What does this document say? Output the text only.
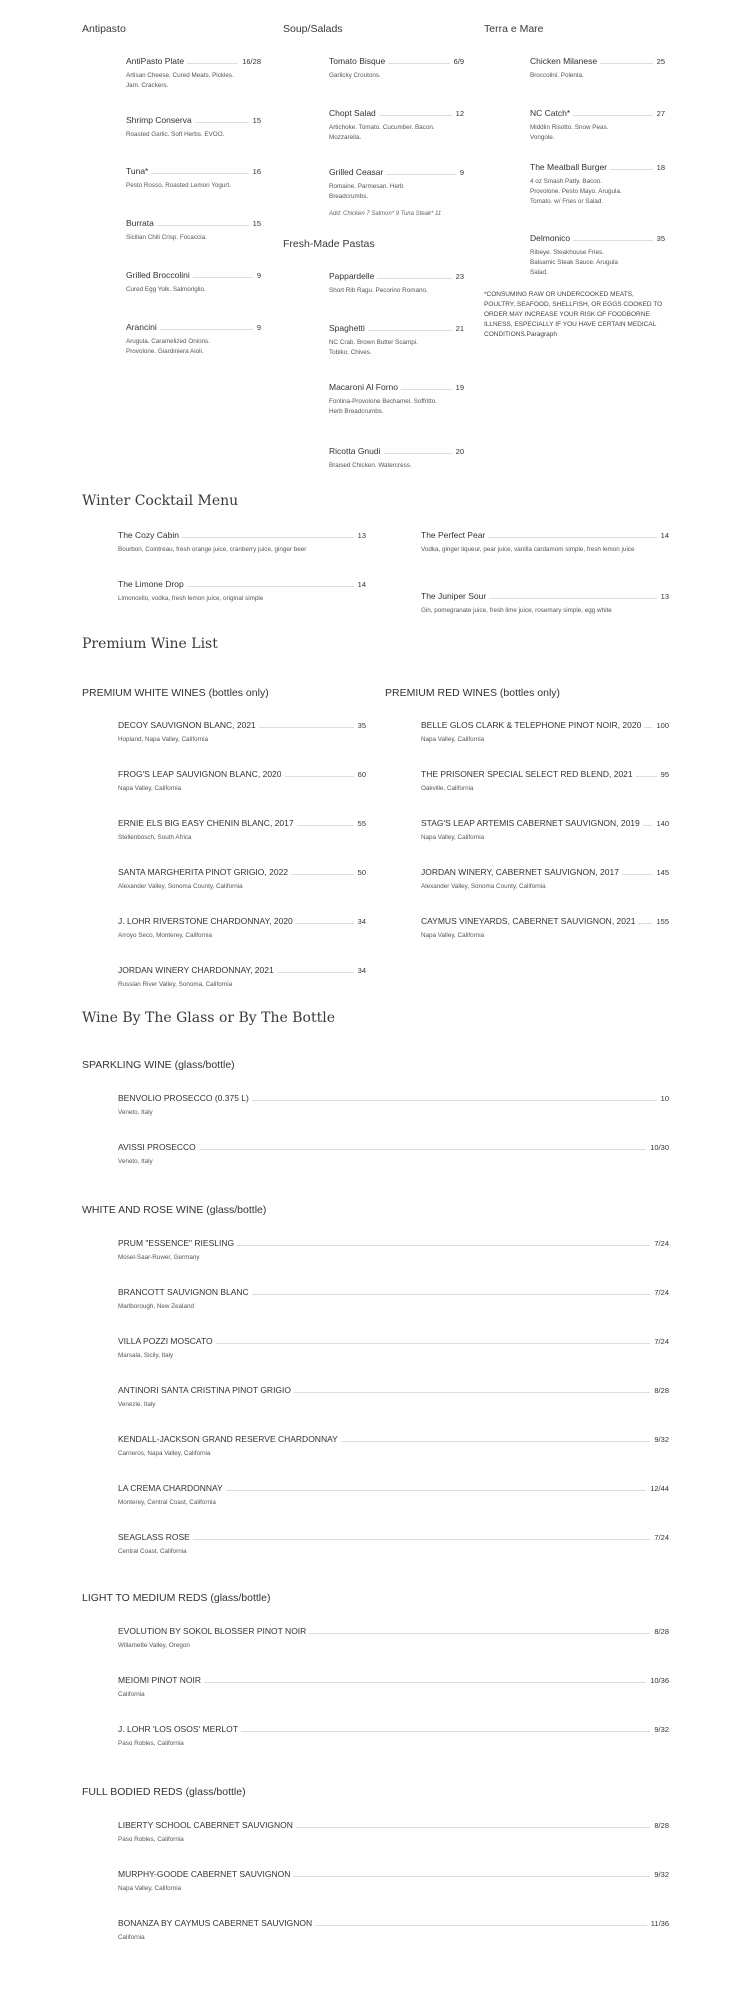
Antipasto	Soup/Salads	Terra e Mare
Fresh-Made Pastas
AntiPasto Plate	16/28
Artisan Cheese. Cured Meats. Pickles. Jam. Crackers.
Shrimp Conserva	15
Roasted Garlic. Soft Herbs. EVOO.
Tuna*	16
Pesto Rosso. Roasted Lemon Yogurt.
Burrata	15
Sicilian Chili Crisp. Focaccia.
Grilled Broccolini	9
Cured Egg Yolk. Salmoriglio.
Arancini	9
Arugula. Caramelized Onions. Provolone. Giardiniera Aioli.
Tomato Bisque	6/9
Garlicky Croutons.
Chopt Salad	12
Artichoke. Tomato. Cucumber. Bacon. Mozzarella.
Grilled Ceasar	9
Romaine. Parmesan. Herb Breadcrumbs.
Pappardelle	23
Short Rib Ragu. Pecorino Romano.
Spaghetti	21
NC Crab. Brown Butter Scampi. Tobiko. Chives.
Macaroni Al Forno	19
Fontina-Provolone Bechamel. Soffritto. Herb Breadcrumbs.
Ricotta Gnudi	20
Braised Chicken. Watercress.
Chicken Milanese	25
Broccolini. Polenta.
NC Catch*	27
Middlin Risotto. Snow Peas. Vongole.
The Meatball Burger	18
4 oz Smash Patty. Bacon. Provolone. Pesto Mayo. Arugula. Tomato. w/ Fries or Salad.
Delmonico	35
Ribeye. Steakhouse Fries. Balsamic Steak Sauce. Arugula Salad.
Add: Chicken 7 Salmon* 9 Tuna Steak* 11
*CONSUMING RAW OR UNDERCOOKED MEATS, POULTRY, SEAFOOD, SHELLFISH, OR EGGS COOKED TO ORDER MAY INCREASE YOUR RISK OF FOODBORNE ILLNESS, ESPECIALLY IF YOU HAVE CERTAIN MEDICAL CONDITIONS.Paragraph
Winter Cocktail Menu
The Cozy Cabin	13
Bourbon, Cointreau, fresh orange juice, cranberry juice, ginger beer
The Limone Drop	14
Limoncello, vodka, fresh lemon juice, original simple
The Perfect Pear	14
Vodka, ginger liqueur, pear juice, vanilla cardamom simple, fresh lemon juice
The Juniper Sour	13
Gin, pomegranate juice, fresh lime juice, rosemary simple, egg white
Premium Wine List
PREMIUM WHITE WINES (bottles only)	PREMIUM RED WINES (bottles only)
DECOY SAUVIGNON BLANC, 2021	35
Hopland, Napa Valley, California
FROG'S LEAP SAUVIGNON BLANC, 2020	60
Napa Valley, California
ERNIE ELS BIG EASY CHENIN BLANC, 2017	55
Stellenbosch, South Africa
SANTA MARGHERITA PINOT GRIGIO, 2022	50
Alexander Valley, Sonoma County, California
J. LOHR RIVERSTONE CHARDONNAY, 2020	34
Arroyo Seco, Monterey, California
JORDAN WINERY CHARDONNAY, 2021	34
Russian River Valley, Sonoma, California
BELLE GLOS CLARK & TELEPHONE PINOT NOIR, 2020	100
Napa Valley, California
THE PRISONER SPECIAL SELECT RED BLEND, 2021	95
Oakville, California
STAG'S LEAP ARTEMIS CABERNET SAUVIGNON, 2019	140
Napa Valley, California
JORDAN WINERY, CABERNET SAUVIGNON, 2017	145
Alexander Valley, Sonoma County, California
CAYMUS VINEYARDS, CABERNET SAUVIGNON, 2021	155
Napa Valley, California
Wine By The Glass or By The Bottle
SPARKLING WINE (glass/bottle)
BENVOLIO PROSECCO (0.375 L)	10
Veneto, Italy
AVISSI PROSECCO	10/30
Veneto, Italy
WHITE AND ROSE WINE (glass/bottle)
PRUM "ESSENCE" RIESLING	7/24
Mosel-Saar-Ruwer, Germany
BRANCOTT SAUVIGNON BLANC	7/24
Marlborough, New Zealand
VILLA POZZI MOSCATO	7/24
Marsala, Sicily, Italy
ANTINORI SANTA CRISTINA PINOT GRIGIO	8/28
Venezie, Italy
KENDALL-JACKSON GRAND RESERVE CHARDONNAY	9/32
Carneros, Napa Valley, California
LA CREMA CHARDONNAY	12/44
Monterey, Central Coast, California
SEAGLASS ROSE	7/24
Central Coast, California
LIGHT TO MEDIUM REDS (glass/bottle)
EVOLUTION BY SOKOL BLOSSER PINOT NOIR	8/28
Willamette Valley, Oregon
MEIOMI PINOT NOIR	10/36
California
J. LOHR 'LOS OSOS' MERLOT	9/32
Paso Robles, California
FULL BODIED REDS (glass/bottle)
LIBERTY SCHOOL CABERNET SAUVIGNON	8/28
Paso Robles, California
MURPHY-GOODE CABERNET SAUVIGNON	9/32
Napa Valley, California
BONANZA BY CAYMUS CABERNET SAUVIGNON	11/36
California
